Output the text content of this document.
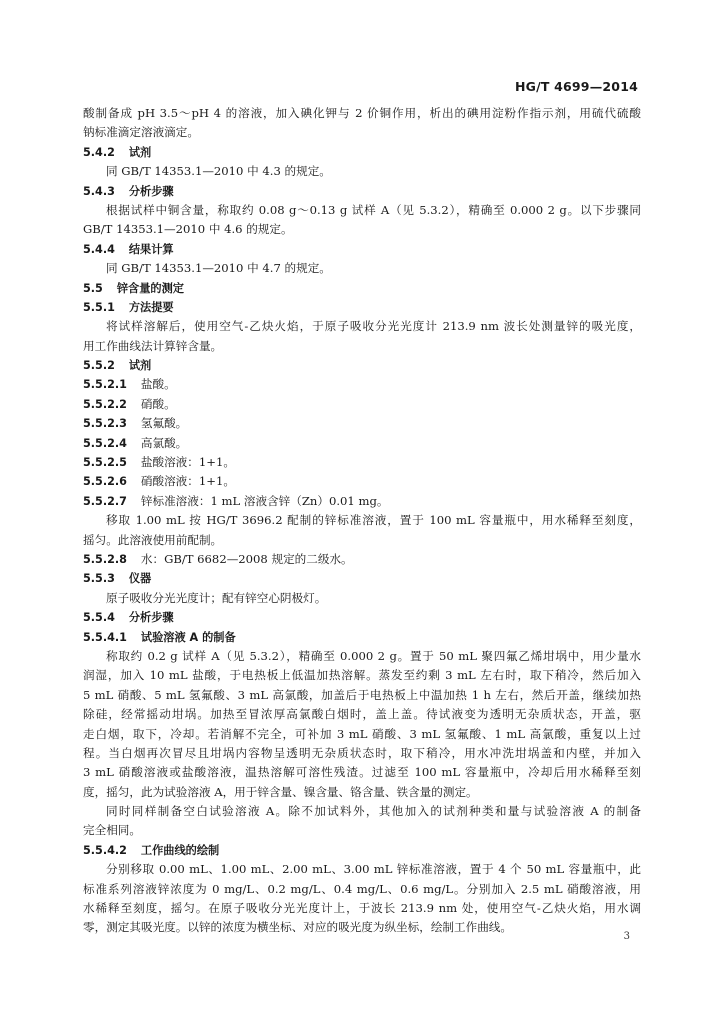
HG/T 4699—2014
酸制备成 pH 3.5～pH 4 的溶液，加入碘化钾与 2 价铜作用，析出的碘用淀粉作指示剂，用硫代硫酸
钠标准滴定溶液滴定。
5.4.2 试剂
同 GB/T 14353.1—2010 中 4.3 的规定。
5.4.3 分析步骤
根据试样中铜含量，称取约 0.08 g～0.13 g 试样 A（见 5.3.2），精确至 0.000 2 g。以下步骤同
GB/T 14353.1—2010 中 4.6 的规定。
5.4.4 结果计算
同 GB/T 14353.1—2010 中 4.7 的规定。
5.5 锌含量的测定
5.5.1 方法提要
将试样溶解后，使用空气-乙炔火焰，于原子吸收分光光度计 213.9 nm 波长处测量锌的吸光度，
用工作曲线法计算锌含量。
5.5.2 试剂
5.5.2.1 盐酸。
5.5.2.2 硝酸。
5.5.2.3 氢氟酸。
5.5.2.4 高氯酸。
5.5.2.5 盐酸溶液：1+1。
5.5.2.6 硝酸溶液：1+1。
5.5.2.7 锌标准溶液：1 mL 溶液含锌（Zn）0.01 mg。
移取 1.00 mL 按 HG/T 3696.2 配制的锌标准溶液，置于 100 mL 容量瓶中，用水稀释至刻度，
摇匀。此溶液使用前配制。
5.5.2.8 水：GB/T 6682—2008 规定的二级水。
5.5.3 仪器
原子吸收分光光度计；配有锌空心阴极灯。
5.5.4 分析步骤
5.5.4.1 试验溶液 A 的制备
称取约 0.2 g 试样 A（见 5.3.2），精确至 0.000 2 g。置于 50 mL 聚四氟乙烯坩埚中，用少量水
润湿，加入 10 mL 盐酸，于电热板上低温加热溶解。蒸发至约剩 3 mL 左右时，取下稍冷，然后加入
5 mL 硝酸、5 mL 氢氟酸、3 mL 高氯酸，加盖后于电热板上中温加热 1 h 左右，然后开盖，继续加热
除硅，经常摇动坩埚。加热至冒浓厚高氯酸白烟时，盖上盖。待试液变为透明无杂质状态，开盖，驱
走白烟，取下，冷却。若消解不完全，可补加 3 mL 硝酸、3 mL 氢氟酸、1 mL 高氯酸，重复以上过
程。当白烟再次冒尽且坩埚内容物呈透明无杂质状态时，取下稍冷，用水冲洗坩埚盖和内壁，并加入
3 mL 硝酸溶液或盐酸溶液，温热溶解可溶性残渣。过滤至 100 mL 容量瓶中，冷却后用水稀释至刻
度，摇匀，此为试验溶液 A，用于锌含量、镍含量、铬含量、铁含量的测定。
同时同样制备空白试验溶液 A。除不加试料外，其他加入的试剂种类和量与试验溶液 A 的制备
完全相同。
5.5.4.2 工作曲线的绘制
分别移取 0.00 mL、1.00 mL、2.00 mL、3.00 mL 锌标准溶液，置于 4 个 50 mL 容量瓶中，此
标准系列溶液锌浓度为 0 mg/L、0.2 mg/L、0.4 mg/L、0.6 mg/L。分别加入 2.5 mL 硝酸溶液，用
水稀释至刻度，摇匀。在原子吸收分光光度计上，于波长 213.9 nm 处，使用空气-乙炔火焰，用水调
零，测定其吸光度。以锌的浓度为横坐标、对应的吸光度为纵坐标，绘制工作曲线。
3
